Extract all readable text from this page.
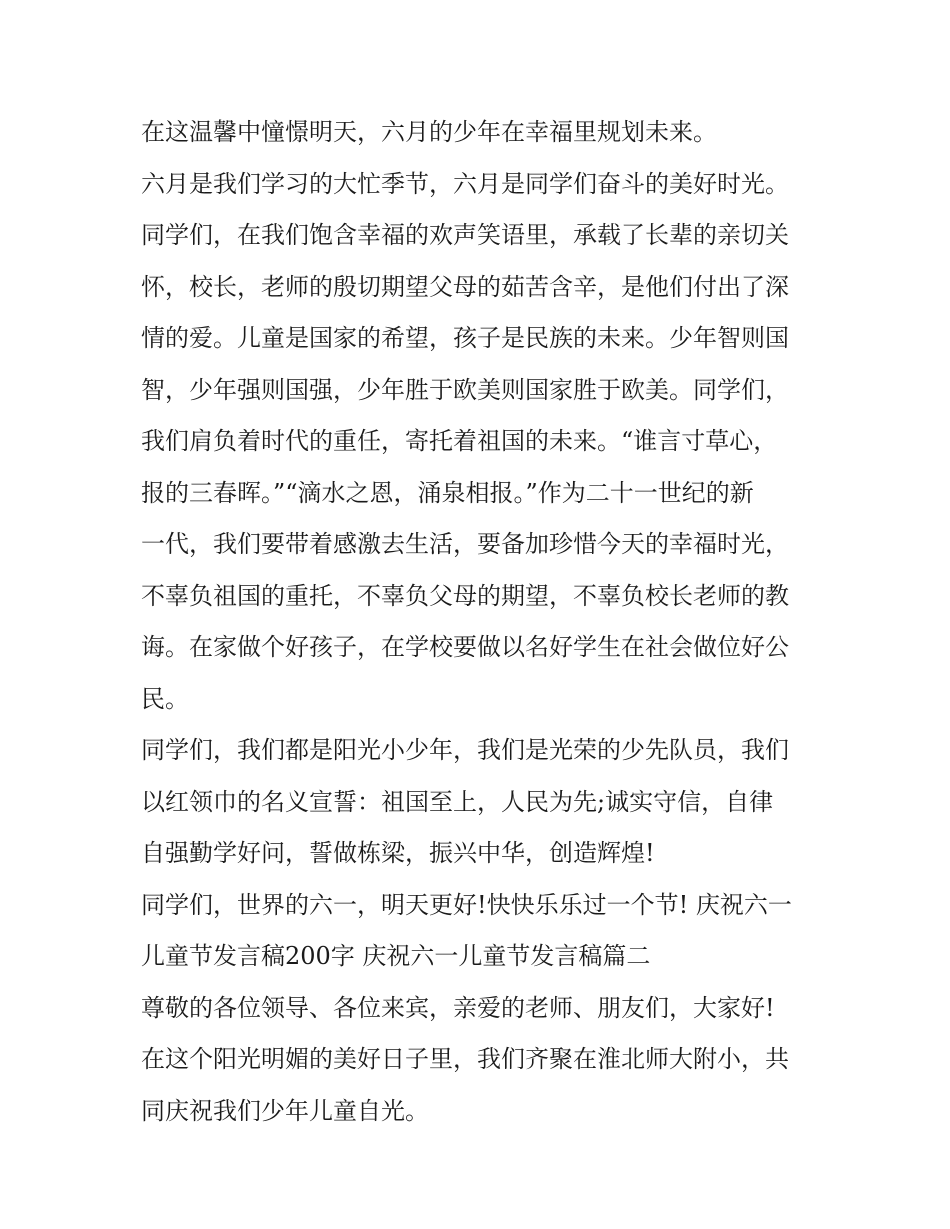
在这温馨中憧憬明天，六月的少年在幸福里规划未来。
六月是我们学习的大忙季节，六月是同学们奋斗的美好时光。
同学们，在我们饱含幸福的欢声笑语里，承载了长辈的亲切关
怀，校长，老师的殷切期望父母的茹苦含辛，是他们付出了深
情的爱。儿童是国家的希望，孩子是民族的未来。少年智则国
智，少年强则国强，少年胜于欧美则国家胜于欧美。同学们，
我们肩负着时代的重任，寄托着祖国的未来。“谁言寸草心，
报的三春晖。”“滴水之恩，涌泉相报。”作为二十一世纪的新
一代，我们要带着感激去生活，要备加珍惜今天的幸福时光，
不辜负祖国的重托，不辜负父母的期望，不辜负校长老师的教
诲。在家做个好孩子，在学校要做以名好学生在社会做位好公
民。
同学们，我们都是阳光小少年，我们是光荣的少先队员，我们
以红领巾的名义宣誓：祖国至上，人民为先;诚实守信，自律
自强勤学好问，誓做栋梁，振兴中华，创造辉煌!
同学们，世界的六一，明天更好!快快乐乐过一个节! 庆祝六一
儿童节发言稿200字 庆祝六一儿童节发言稿篇二
尊敬的各位领导、各位来宾，亲爱的老师、朋友们，大家好!
在这个阳光明媚的美好日子里，我们齐聚在淮北师大附小，共
同庆祝我们少年儿童自光。
